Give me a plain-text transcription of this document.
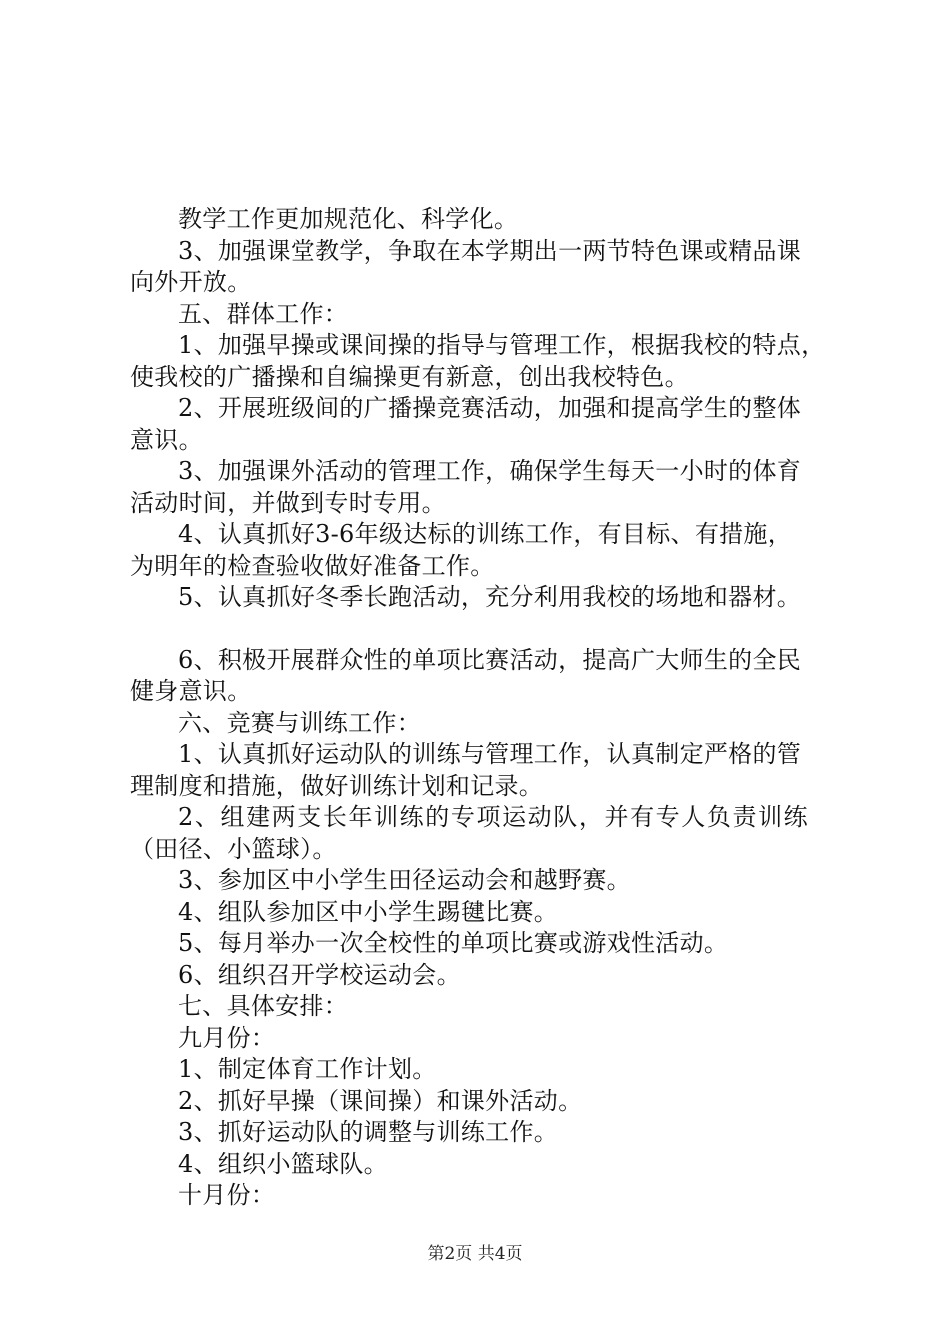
教学工作更加规范化、科学化。
3、加强课堂教学，争取在本学期出一两节特色课或精品课
向外开放。
五、群体工作：
1、加强早操或课间操的指导与管理工作，根据我校的特点，
使我校的广播操和自编操更有新意，创出我校特色。
2、开展班级间的广播操竞赛活动，加强和提高学生的整体
意识。
3、加强课外活动的管理工作，确保学生每天一小时的体育
活动时间，并做到专时专用。
4、认真抓好3-6年级达标的训练工作，有目标、有措施，
为明年的检查验收做好准备工作。
5、认真抓好冬季长跑活动，充分利用我校的场地和器材。
6、积极开展群众性的单项比赛活动，提高广大师生的全民
健身意识。
六、竞赛与训练工作：
1、认真抓好运动队的训练与管理工作，认真制定严格的管
理制度和措施，做好训练计划和记录。
2、组建两支长年训练的专项运动队，并有专人负责训练
（田径、小篮球）。
3、参加区中小学生田径运动会和越野赛。
4、组队参加区中小学生踢毽比赛。
5、每月举办一次全校性的单项比赛或游戏性活动。
6、组织召开学校运动会。
七、具体安排：
九月份：
1、制定体育工作计划。
2、抓好早操（课间操）和课外活动。
3、抓好运动队的调整与训练工作。
4、组织小篮球队。
十月份：
第2页 共4页
